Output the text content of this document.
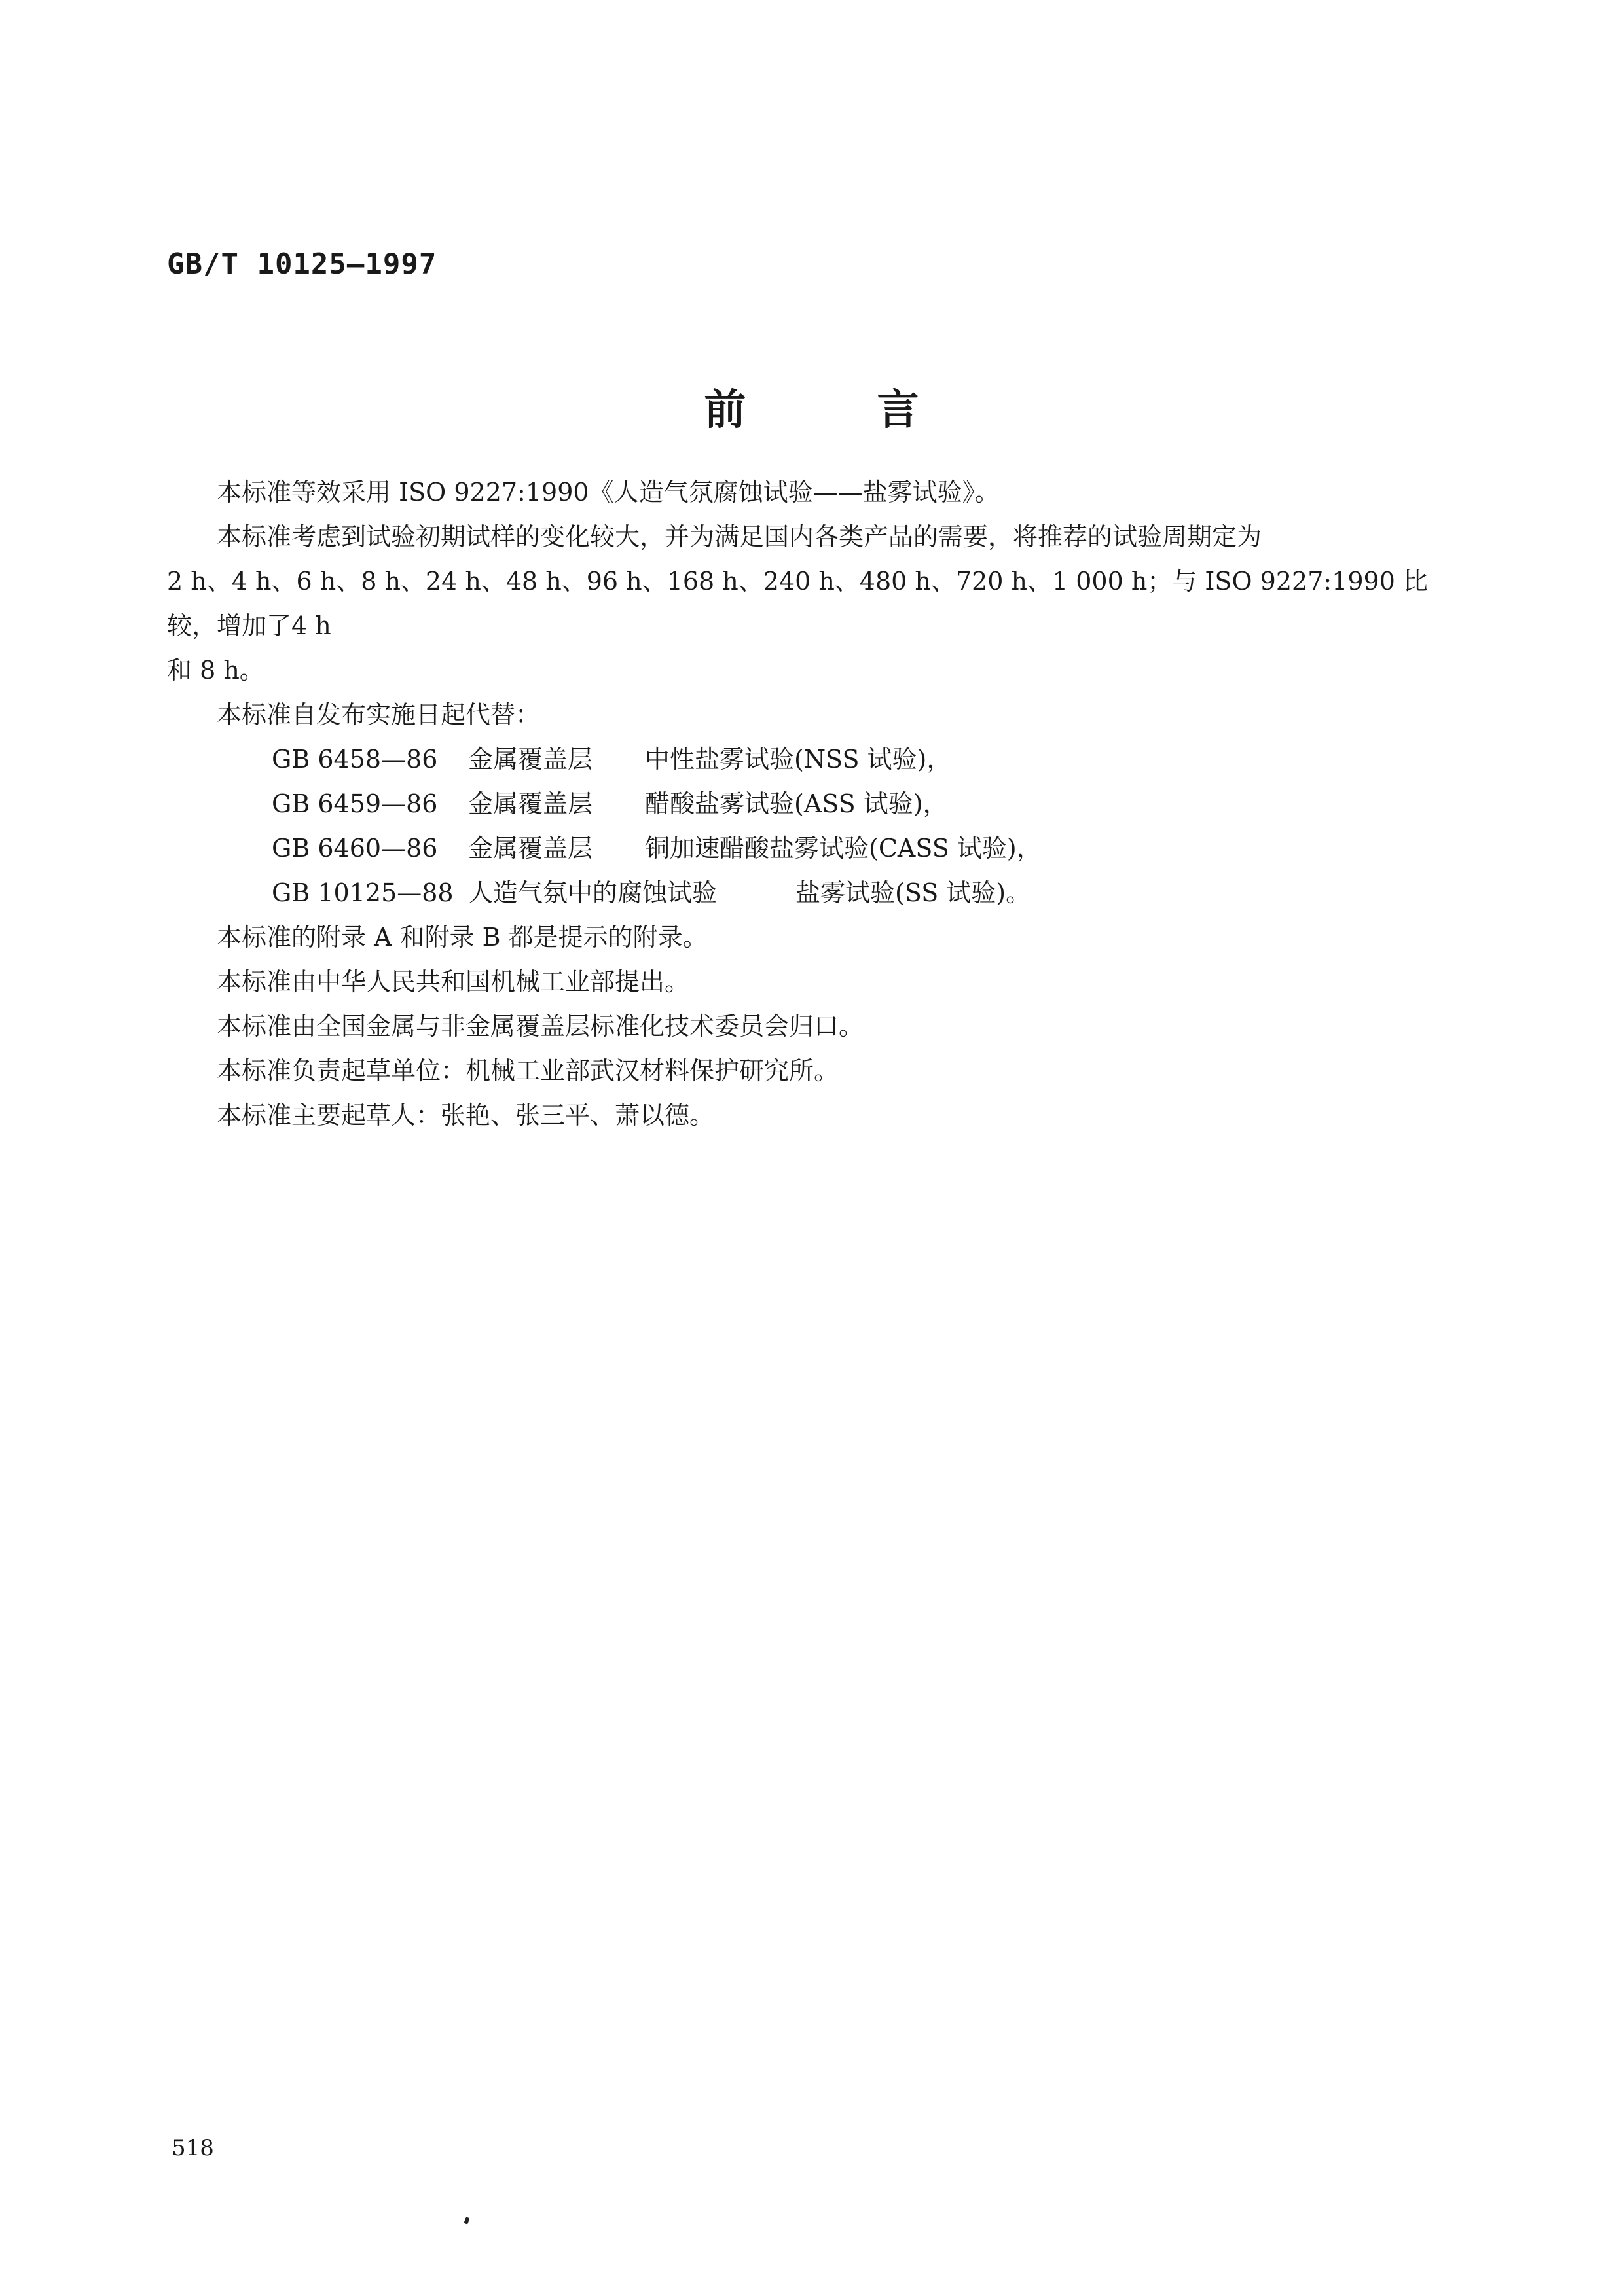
GB/T 10125—1997
前言

本标准等效采用 ISO 9227:1990《人造气氛腐蚀试验——盐雾试验》。

本标准考虑到试验初期试样的变化较大，并为满足国内各类产品的需要，将推荐的试验周期定为

2 h、4 h、6 h、8 h、24 h、48 h、96 h、168 h、240 h、480 h、720 h、1 000 h；与 ISO 9227:1990 比较，增加了4 h

和 8 h。

本标准自发布实施日起代替：

GB 6458—86 金属覆盖层 中性盐雾试验(NSS 试验)，
GB 6459—86 金属覆盖层 醋酸盐雾试验(ASS 试验)，
GB 6460—86 金属覆盖层 铜加速醋酸盐雾试验(CASS 试验)，
GB 10125—88 人造气氛中的腐蚀试验	盐雾试验(SS 试验)。

本标准的附录 A 和附录 B 都是提示的附录。

本标准由中华人民共和国机械工业部提出。

本标准由全国金属与非金属覆盖层标准化技术委员会归口。

本标准负责起草单位：机械工业部武汉材料保护研究所。

本标准主要起草人：张艳、张三平、萧以德。

518
